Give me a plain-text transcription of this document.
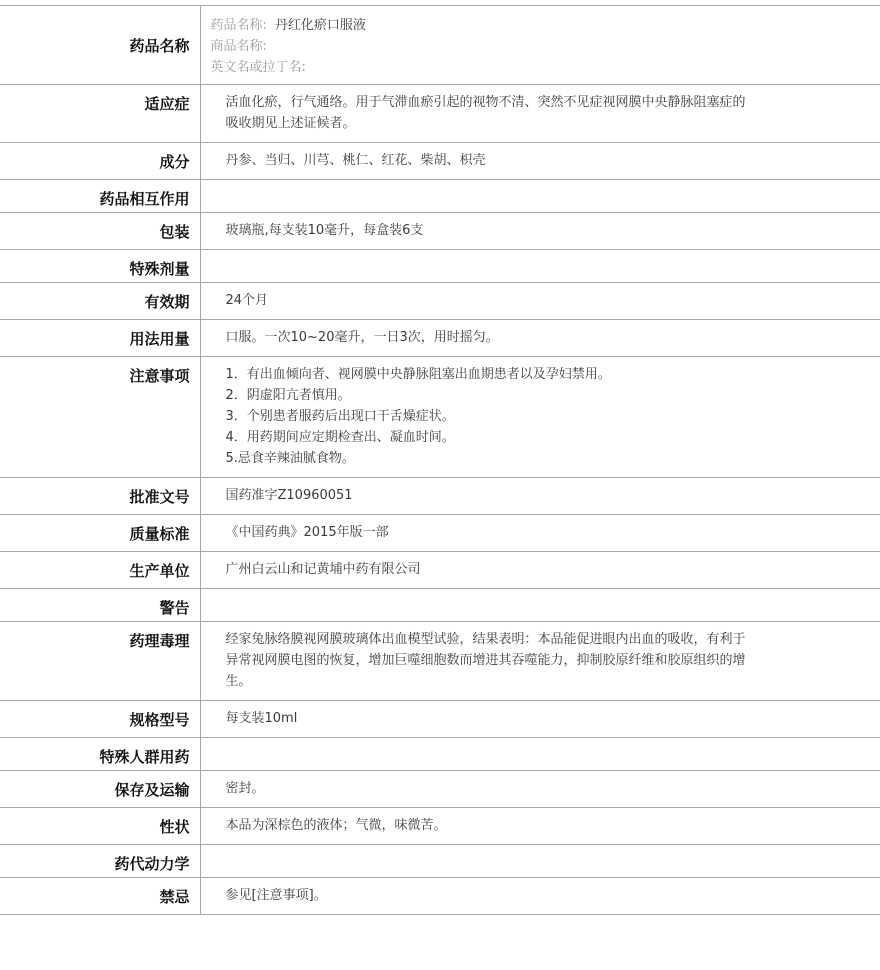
药品名称	药品名称: 丹红化瘀口服液
商品名称:
英文名或拉丁名:

适应症	活血化瘀，行气通络。用于气滞血瘀引起的视物不清、突然不见症视网膜中央静脉阻塞症的
吸收期见上述证候者。

成分	丹参、当归、川芎、桃仁、红花、柴胡、枳壳

药品相互作用	
包装	玻璃瓶,每支装10毫升，每盒装6支

特殊剂量	
有效期	24个月

用法用量	口服。一次10~20毫升，一日3次，用时摇匀。

注意事项	1．有出血倾向者、视网膜中央静脉阻塞出血期患者以及孕妇禁用。
2．阴虚阳亢者慎用。
3．个别患者服药后出现口干舌燥症状。
4．用药期间应定期检查出、凝血时间。
5.忌食辛辣油腻食物。

批准文号	国药准字Z10960051

质量标准	《中国药典》2015年版一部

生产单位	广州白云山和记黄埔中药有限公司

警告	
药理毒理	经家兔脉络膜视网膜玻璃体出血模型试验，结果表明：本品能促进眼内出血的吸收，有利于
异常视网膜电图的恢复，增加巨噬细胞数而增进其吞噬能力，抑制胶原纤维和胶原组织的增
生。

规格型号	每支装10ml

特殊人群用药	
保存及运输	密封。

性状	本品为深棕色的液体；气微，味微苦。

药代动力学	
禁忌	参见[注意事项]。
